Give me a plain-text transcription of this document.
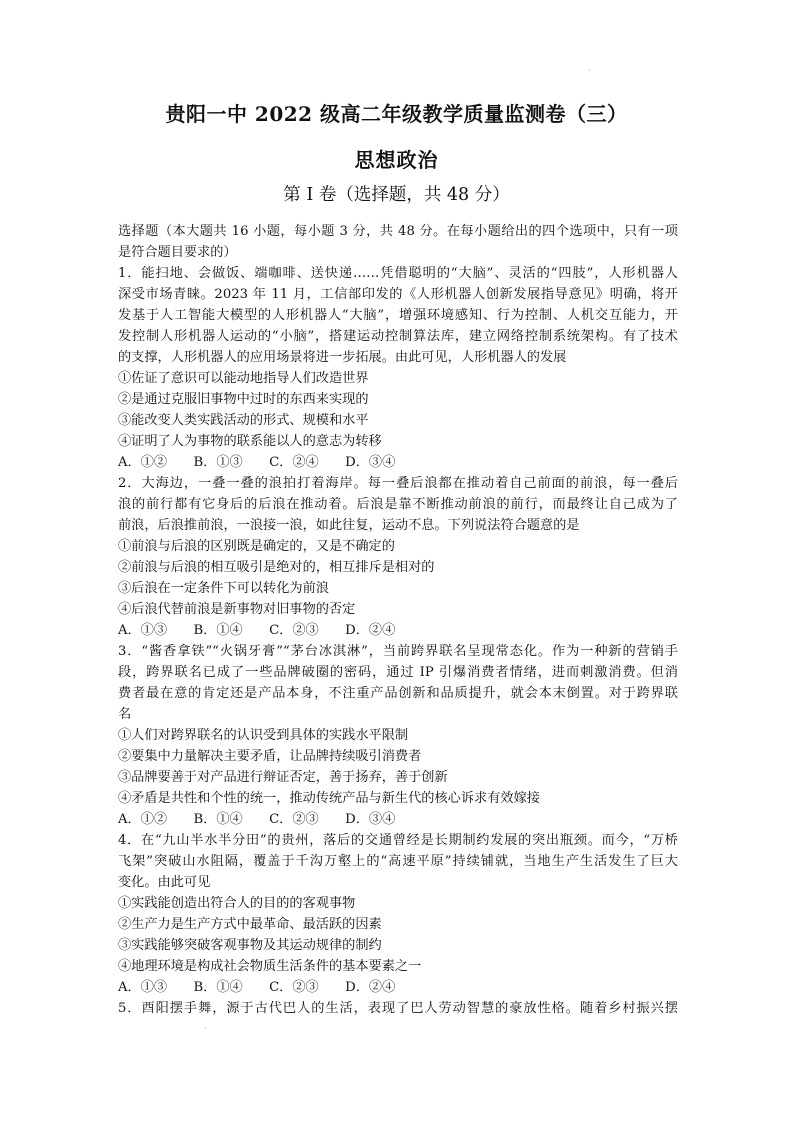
·
贵阳一中 2022 级高二年级教学质量监测卷（三）
思想政治
第 I 卷（选择题，共 48 分）
选择题（本大题共 16 小题，每小题 3 分，共 48 分。在每小题给出的四个选项中，只有一项
是符合题目要求的）
1．能扫地、会做饭、端咖啡、送快递……凭借聪明的“大脑”、灵活的“四肢”，人形机器人
深受市场青睐。2023 年 11 月，工信部印发的《人形机器人创新发展指导意见》明确，将开
发基于人工智能大模型的人形机器人“大脑”，增强环境感知、行为控制、人机交互能力，开
发控制人形机器人运动的“小脑”，搭建运动控制算法库，建立网络控制系统架构。有了技术
的支撑，人形机器人的应用场景将进一步拓展。由此可见，人形机器人的发展
①佐证了意识可以能动地指导人们改造世界
②是通过克服旧事物中过时的东西来实现的
③能改变人类实践活动的形式、规模和水平
④证明了人为事物的联系能以人的意志为转移
A．①②　　B．①③　　C．②④　　D．③④
2．大海边，一叠一叠的浪拍打着海岸。每一叠后浪都在推动着自己前面的前浪，每一叠后
浪的前行都有它身后的后浪在推动着。后浪是靠不断推动前浪的前行，而最终让自己成为了
前浪，后浪推前浪，一浪接一浪，如此往复，运动不息。下列说法符合题意的是
①前浪与后浪的区别既是确定的，又是不确定的
②前浪与后浪的相互吸引是绝对的，相互排斥是相对的
③后浪在一定条件下可以转化为前浪
④后浪代替前浪是新事物对旧事物的否定
A．①③　　B．①④　　C．②③　　D．②④
3．“酱香拿铁”“火锅牙膏”“茅台冰淇淋”，当前跨界联名呈现常态化。作为一种新的营销手
段，跨界联名已成了一些品牌破圈的密码，通过 IP 引爆消费者情绪，进而刺激消费。但消
费者最在意的肯定还是产品本身，不注重产品创新和品质提升，就会本末倒置。对于跨界联
名
①人们对跨界联名的认识受到具体的实践水平限制
②要集中力量解决主要矛盾，让品牌持续吸引消费者
③品牌要善于对产品进行辩证否定，善于扬弃，善于创新
④矛盾是共性和个性的统一，推动传统产品与新生代的核心诉求有效嫁接
A．①②　　B．①④　　C．②③　　D．③④
4．在“九山半水半分田”的贵州，落后的交通曾经是长期制约发展的突出瓶颈。而今，“万桥
飞架”突破山水阻隔，覆盖于千沟万壑上的“高速平原”持续铺就，当地生产生活发生了巨大
变化。由此可见
①实践能创造出符合人的目的的客观事物
②生产力是生产方式中最革命、最活跃的因素
③实践能够突破客观事物及其运动规律的制约
④地理环境是构成社会物质生活条件的基本要素之一
A．①③　　B．①④　　C．②③　　D．②④
5．酉阳摆手舞，源于古代巴人的生活，表现了巴人劳动智慧的豪放性格。随着乡村振兴摆
·
